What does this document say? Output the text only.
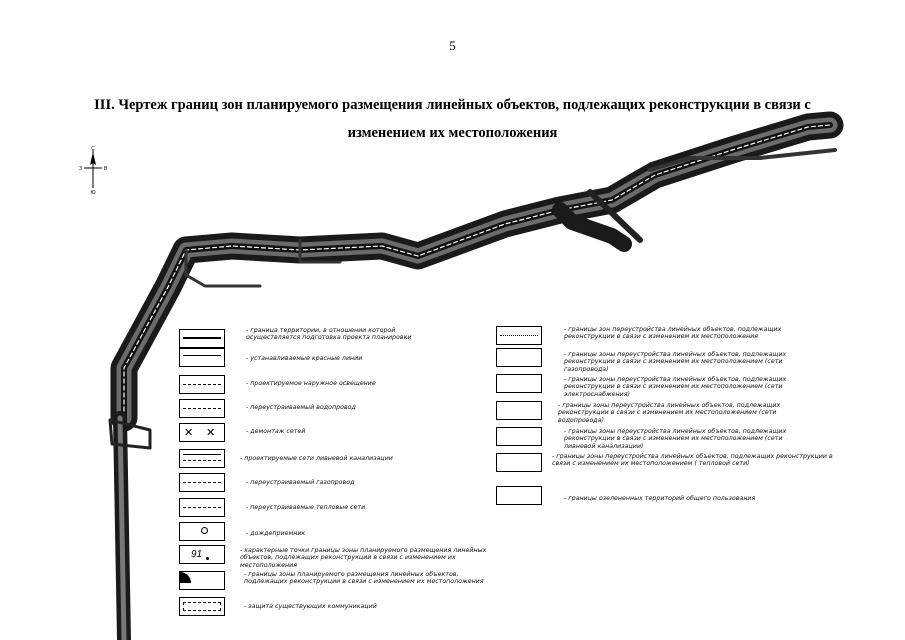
5
III. Чертеж границ зон планируемого размещения линейных объектов, подлежащих реконструкции в связи с
изменением их местоположения
С
Ю
З	В
- граница территории, в отношении которой осуществляется подготовка проекта планировки
- устанавливаемые красные линии
- проектируемое наружное освещение
- переустраиваемый водопровод
✕ ✕	- демонтаж сетей
- проектируемые сети ливневой канализации
- переустраиваемый газопровод
- переустраиваемые тепловые сети
- дождеприемник
91	- характерные точки границы зоны планируемого размещения линейных объектов, подлежащих реконструкции в связи с изменением их местоположения
- границы зоны планируемого размещения линейных объектов, подлежащих реконструкции в связи с изменением их местоположения
- защита существующих коммуникаций
- границы зон переустройства линейных объектов, подлежащих реконструкции в связи с изменением их местоположения
- границы зоны переустройства линейных объектов, подлежащих реконструкции в связи с изменением их местоположением (сети газопровода)
- границы зоны переустройства линейных объектов, подлежащих реконструкции в связи с изменением их местоположением (сети электроснабжения)
- границы зоны переустройства линейных объектов, подлежащих реконструкции в связи с изменением их местоположением (сети водопровода)
- границы зоны переустройства линейных объектов, подлежащих реконструкции в связи с изменением их местоположением (сети ливневой канализации)
- границы зоны переустройства линейных объектов, подлежащих реконструкции в связи с изменением их местоположением ( тепловой сети)
- границы озелененных территорий общего пользования
